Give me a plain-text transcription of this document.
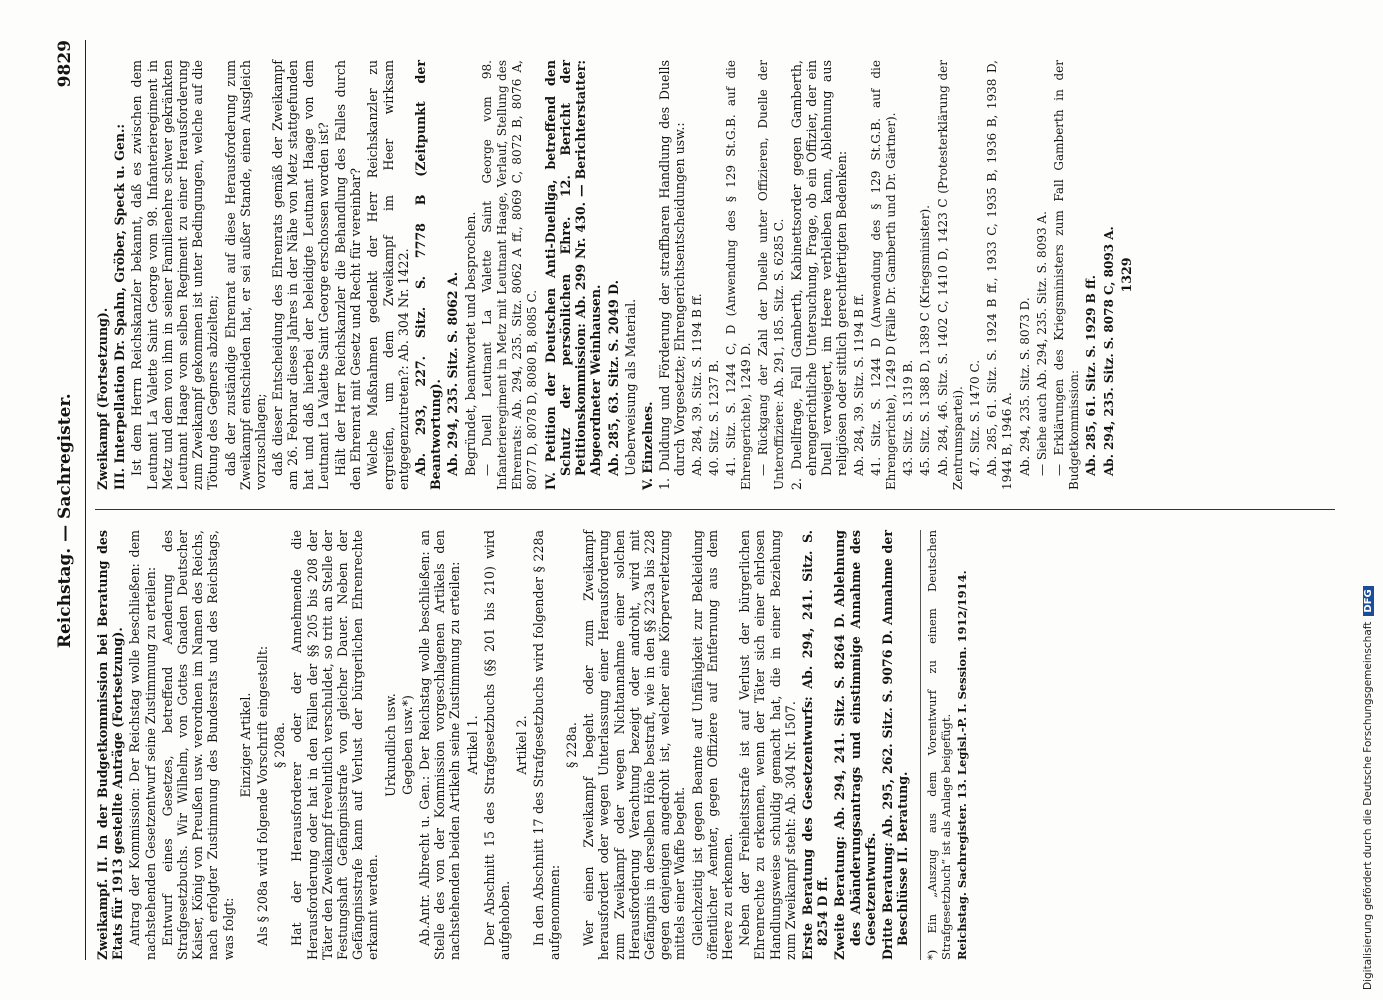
Reichstag. — Sachregister.
9829

Zweikampf. II. In der Budgetkommission bei Beratung des Etats für 1913 gestellte Anträge (Fortsetzung). Antrag der Kommission: Der Reichstag wolle beschließen: dem nachstehenden Gesetzentwurf seine Zustimmung zu erteilen: Entwurf eines Gesetzes, betreffend Aenderung des Strafgesetzbuchs. Wir Wilhelm, von Gottes Gnaden Deutscher Kaiser, König von Preußen usw. verordnen im Namen des Reichs, nach erfolgter Zustimmung des Bundesrats und des Reichstags, was folgt:

Einziger Artikel. Als § 208a wird folgende Vorschrift eingestellt: § 208a. Hat der Herausforderer oder der Annehmende die Herausforderung oder hat in den Fällen der §§ 205 bis 208 der Täter den Zweikampf frevelntlich verschuldet, so tritt an Stelle der Festungshaft Gefängnisstrafe von gleicher Dauer. Neben der Gefängnisstrafe kann auf Verlust der bürgerlichen Ehrenrechte erkannt werden.

Urkundlich usw. Gegeben usw.*) Ab.Antr. Albrecht u. Gen.: Der Reichstag wolle beschließen: an Stelle des von der Kommission vorgeschlagenen Artikels den nachstehenden beiden Artikeln seine Zustimmung zu erteilen: Artikel 1. Der Abschnitt 15 des Strafgesetzbuchs (§§ 201 bis 210) wird aufgehoben.

Artikel 2. In den Abschnitt 17 des Strafgesetzbuchs wird folgender § 228a aufgenommen:

§ 228a. Wer einen Zweikampf begeht oder zum Zweikampf herausfordert oder wegen Unterlassung einer Herausforderung zum Zweikampf oder wegen Nichtannahme einer solchen Herausforderung Verachtung bezeigt oder androht, wird mit Gefängnis in derselben Höhe bestraft, wie in den §§ 223a bis 228 gegen denjenigen angedroht ist, welcher eine Körperverletzung mittels einer Waffe begeht. Gleichzeitig ist gegen Beamte auf Unfähigkeit zur Bekleidung öffentlicher Aemter, gegen Offiziere auf Entfernung aus dem Heere zu erkennen. Neben der Freiheitsstrafe ist auf Verlust der bürgerlichen Ehrenrechte zu erkennen, wenn der Täter sich einer ehrlosen Handlungsweise schuldig gemacht hat, die in einer Beziehung zum Zweikampf steht: Ab. 304 Nr. 1507. Erste Beratung des Gesetzentwurfs: Ab. 294, 241. Sitz. S. 8254 D ff. Zweite Beratung: Ab. 294, 241. Sitz. S. 8264 D. Ablehnung des Abänderungsantrags und einstimmige Annahme des Gesetzentwurfs. Dritte Beratung: Ab. 295, 262. Sitz. S. 9076 D. Annahme der Beschlüsse II. Beratung. *) Ein „Auszug aus dem Vorentwurf zu einem Deutschen Strafgesetzbuch“ ist als Anlage beigefügt. Reichstag. Sachregister. 13. Legisl.-P. I. Session. 1912/1914.

Zweikampf (Fortsetzung). III. Interpellation Dr. Spahn, Gröber, Speck u. Gen.: Ist dem Herrn Reichskanzler bekannt, daß es zwischen dem Leutnant La Valette Saint George vom 98. Infanterieregiment in Metz und dem von ihm in seiner Familienehre schwer gekränkten Leutnant Haage vom selben Regiment zu einer Herausforderung zum Zweikampf gekommen ist unter Bedingungen, welche auf die Tötung des Gegners abzielten; daß der zuständige Ehrenrat auf diese Herausforderung zum Zweikampf entschieden hat, er sei außer Stande, einen Ausgleich vorzuschlagen; daß dieser Entscheidung des Ehrenrats gemäß der Zweikampf am 26. Februar dieses Jahres in der Nähe von Metz stattgefunden hat und daß hierbei der beleidigte Leutnant Haage von dem Leutnant La Valette Saint George erschossen worden ist? Hält der Herr Reichskanzler die Behandlung des Falles durch den Ehrenrat mit Gesetz und Recht für vereinbar? Welche Maßnahmen gedenkt der Herr Reichskanzler zu ergreifen, um dem Zweikampf im Heer wirksam entgegenzutreten?: Ab. 304 Nr. 1422. Ab. 293, 227. Sitz. S. 7778 B (Zeitpunkt der Beantwortung). Ab. 294, 235. Sitz. S. 8062 A. Begründet, beantwortet und besprochen. — Duell Leutnant La Valette Saint George vom 98. Infanterieregiment in Metz mit Leutnant Haage, Verlauf, Stellung des Ehrenrats: Ab. 294, 235. Sitz. 8062 A ff., 8069 C, 8072 B, 8076 A, 8077 D, 8078 D, 8080 B, 8085 C. IV. Petition der Deutschen Anti-Duelliga, betreffend den Schutz der persönlichen Ehre. 12. Bericht der Petitionskommission: Ab. 299 Nr. 430. — Berichterstatter: Abgeordneter Weinhausen. Ab. 285, 63. Sitz. S. 2049 D. Ueberweisung als Material. V. Einzelnes. 1. Duldung und Förderung der straffbaren Handlung des Duells durch Vorgesetzte; Ehrengerichtsentscheidungen usw.: Ab. 284, 39. Sitz. S. 1194 B ff. 40. Sitz. S. 1237 B. 41. Sitz. S. 1244 C, D (Anwendung des § 129 St.G.B. auf die Ehrengerichte), 1249 D. — Rückgang der Zahl der Duelle unter Offizieren, Duelle der Unteroffiziere: Ab. 291, 185. Sitz. S. 6285 C. 2. Duellfrage, Fall Gamberth, Kabinettsorder gegen Gamberth, ehrengerichtliche Untersuchung, Frage, ob ein Offizier, der ein Duell verweigert, im Heere verbleiben kann, Ablehnung aus religiösen oder sittlich gerechtfertigten Bedenken: Ab. 284, 39. Sitz. S. 1194 B ff. 41. Sitz. S. 1244 D (Anwendung des § 129 St.G.B. auf die Ehrengerichte), 1249 D (Fälle Dr. Gamberth und Dr. Gärtner). 43. Sitz. S. 1319 B. 45. Sitz. S. 1388 D, 1389 C (Kriegsminister). Ab. 284, 46. Sitz. S. 1402 C, 1410 D, 1423 C (Protesterklärung der Zentrumspartei). 47. Sitz. S. 1470 C. Ab. 285, 61. Sitz. S. 1924 B ff., 1933 C, 1935 B, 1936 B, 1938 D, 1944 B, 1946 A. Ab. 294, 235. Sitz. S. 8073 D. — Siehe auch Ab. 294, 235. Sitz. S. 8093 A. — Erklärungen des Kriegsministers zum Fall Gamberth in der Budgetkommission: Ab. 285, 61. Sitz. S. 1929 B ff. Ab. 294, 235. Sitz. S. 8078 C, 8093 A. 1329

Digitalisierung gefördert durch die Deutsche Forschungsgemeinschaft
DFG
